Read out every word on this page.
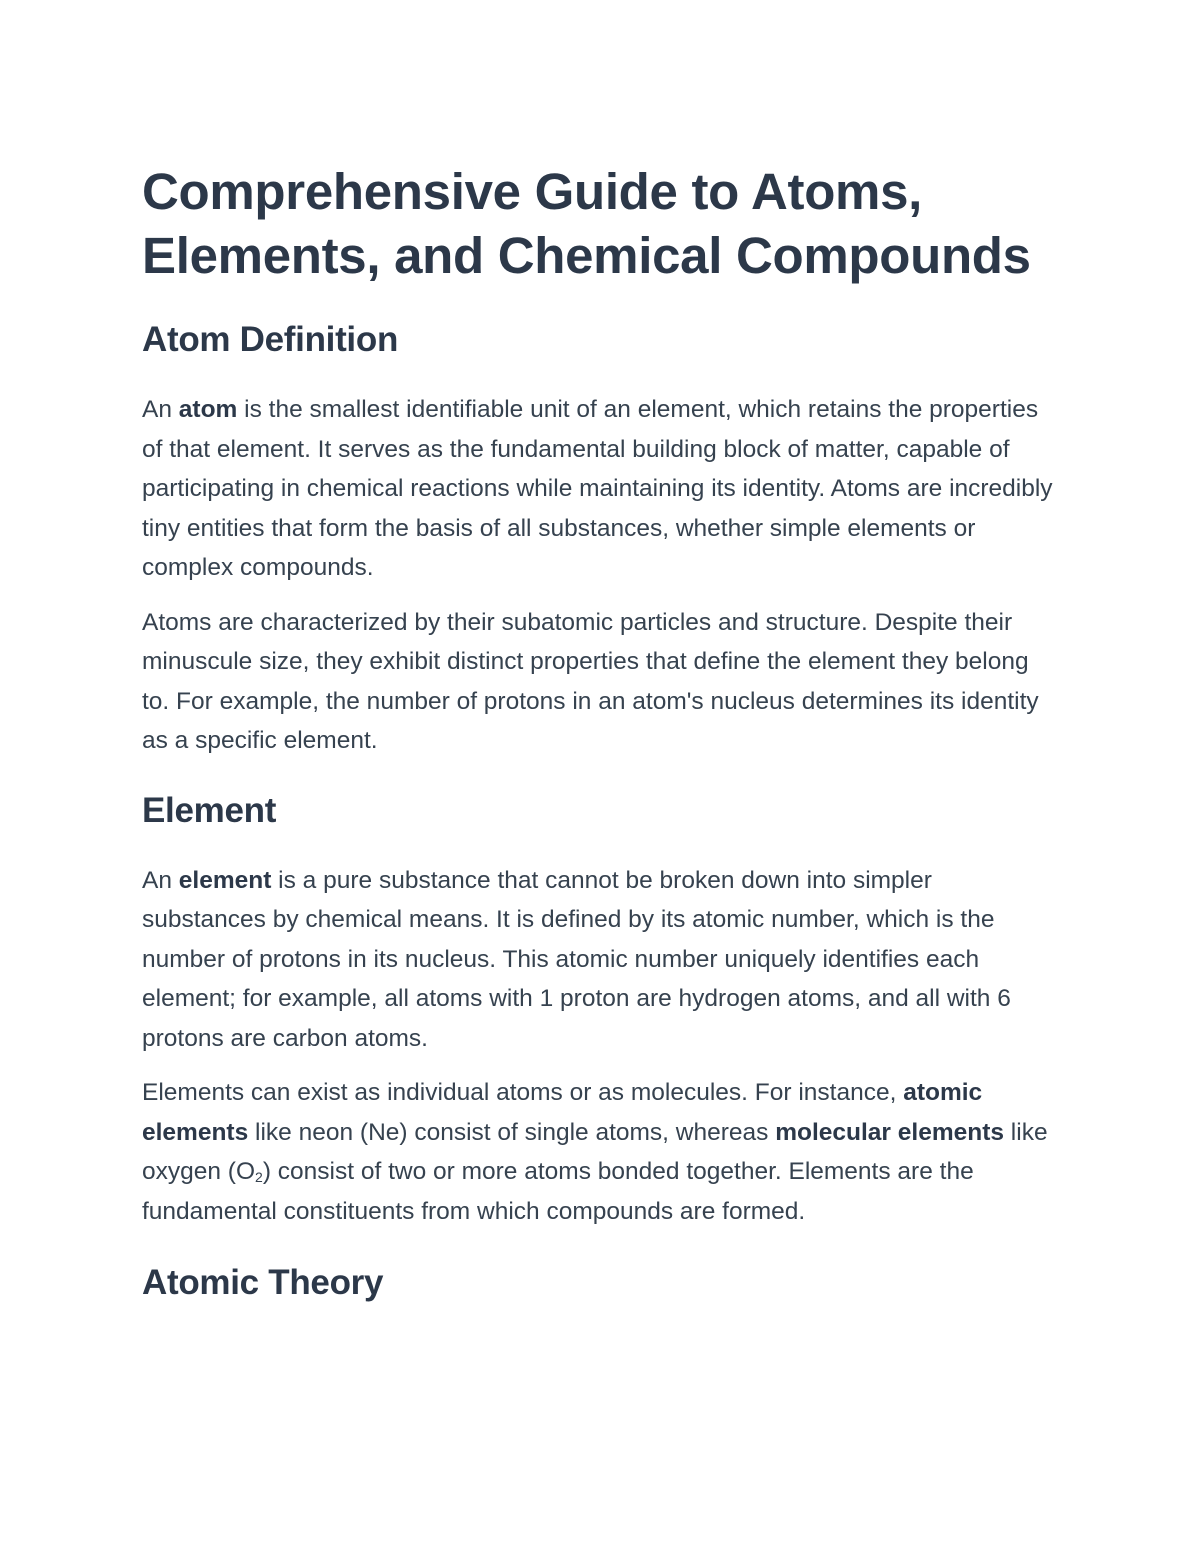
Comprehensive Guide to Atoms, Elements, and Chemical Compounds
Atom Definition

An atom is the smallest identifiable unit of an element, which retains the properties of that element. It serves as the fundamental building block of matter, capable of participating in chemical reactions while maintaining its identity. Atoms are incredibly tiny entities that form the basis of all substances, whether simple elements or complex compounds.

Atoms are characterized by their subatomic particles and structure. Despite their minuscule size, they exhibit distinct properties that define the element they belong to. For example, the number of protons in an atom's nucleus determines its identity as a specific element.

Element

An element is a pure substance that cannot be broken down into simpler substances by chemical means. It is defined by its atomic number, which is the number of protons in its nucleus. This atomic number uniquely identifies each element; for example, all atoms with 1 proton are hydrogen atoms, and all with 6 protons are carbon atoms.

Elements can exist as individual atoms or as molecules. For instance, atomic elements like neon (Ne) consist of single atoms, whereas molecular elements like oxygen $(O_2)$ consist of two or more atoms bonded together. Elements are the fundamental constituents from which compounds are formed.

Atomic Theory
